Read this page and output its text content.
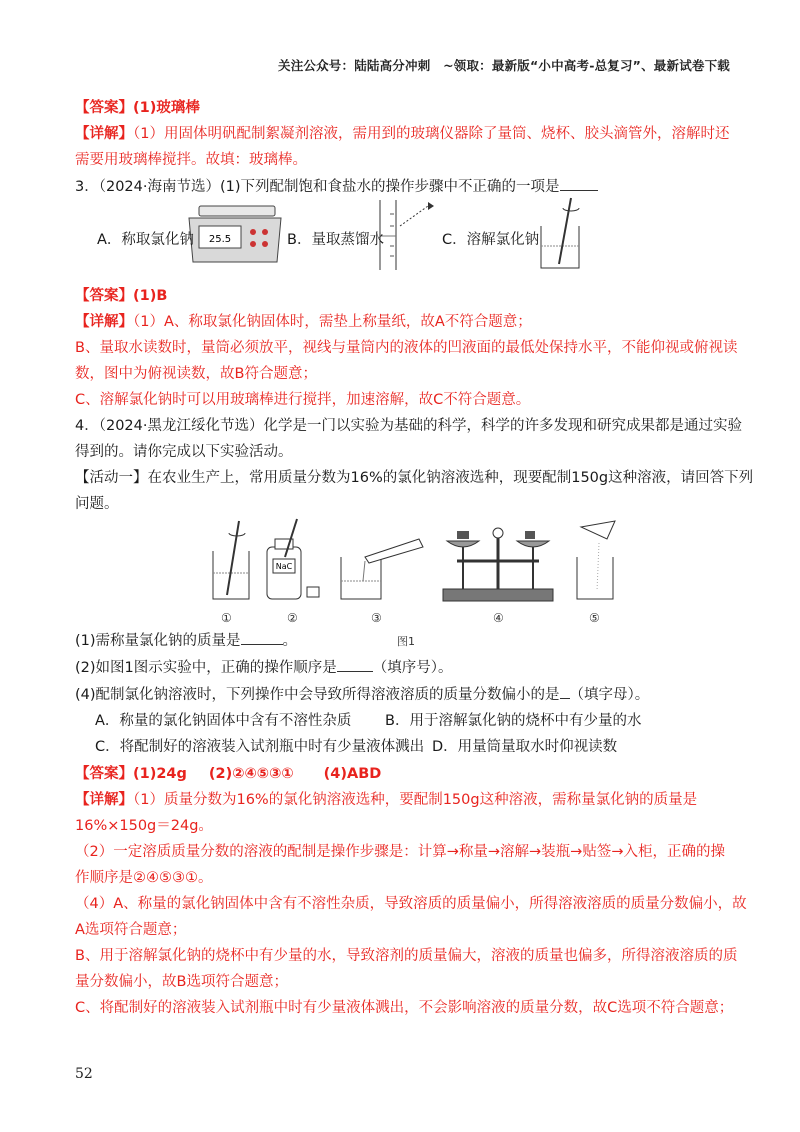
关注公众号：陆陆高分冲刺　~领取：最新版“小中高考-总复习”、最新试卷下载
【答案】(1)玻璃棒
【详解】（1）用固体明矾配制絮凝剂溶液，需用到的玻璃仪器除了量筒、烧杯、胶头滴管外，溶解时还
需要用玻璃棒搅拌。故填：玻璃棒。
3．（2024·海南节选）(1)下列配制饱和食盐水的操作步骤中不正确的一项是
25.5
A．称取氯化钠	B．量取蒸馏水	C．溶解氯化钠
【答案】(1)B
【详解】（1）A、称取氯化钠固体时，需垫上称量纸，故A不符合题意；
B、量取水读数时，量筒必须放平，视线与量筒内的液体的凹液面的最低处保持水平，不能仰视或俯视读
数，图中为俯视读数，故B符合题意；
C、溶解氯化钠时可以用玻璃棒进行搅拌，加速溶解，故C不符合题意。
4．（2024·黑龙江绥化节选）化学是一门以实验为基础的科学，科学的许多发现和研究成果都是通过实验
得到的。请你完成以下实验活动。
【活动一】在农业生产上，常用质量分数为16%的氯化钠溶液选种，现要配制150g这种溶液，请回答下列
问题。
NaC
①	②	③	④	⑤
图1
(1)需称量氯化钠的质量是	。
(2)如图1图示实验中，正确的操作顺序是 （填序号）。
(4)配制氯化钠溶液时，下列操作中会导致所得溶液溶质的质量分数偏小的是 （填字母）。
A．称量的氯化钠固体中含有不溶性杂质 B．用于溶解氯化钠的烧杯中有少量的水
C．将配制好的溶液装入试剂瓶中时有少量液体溅出 D．用量筒量取水时仰视读数
【答案】(1)24g (2)②④⑤③① (4)ABD
【详解】（1）质量分数为16%的氯化钠溶液选种，要配制150g这种溶液，需称量氯化钠的质量是
16%×150g＝24g。
（2）一定溶质质量分数的溶液的配制是操作步骤是：计算→称量→溶解→装瓶→贴签→入柜，正确的操
作顺序是②④⑤③①。
（4）A、称量的氯化钠固体中含有不溶性杂质，导致溶质的质量偏小，所得溶液溶质的质量分数偏小，故
A选项符合题意；
B、用于溶解氯化钠的烧杯中有少量的水，导致溶剂的质量偏大，溶液的质量也偏多，所得溶液溶质的质
量分数偏小，故B选项符合题意；
C、将配制好的溶液装入试剂瓶中时有少量液体溅出，不会影响溶液的质量分数，故C选项不符合题意；
52
